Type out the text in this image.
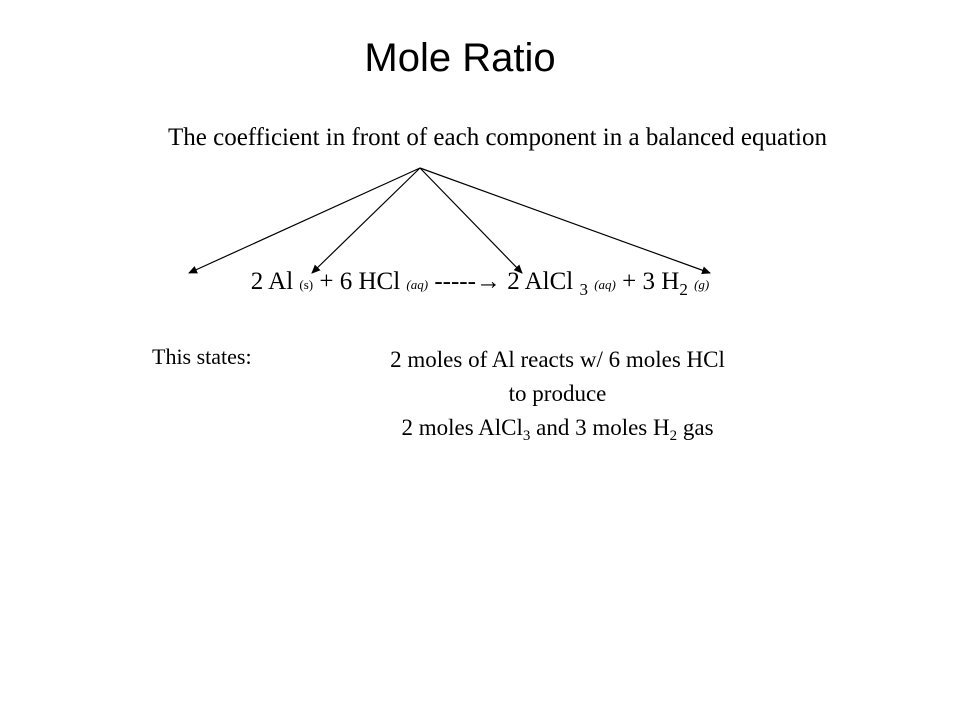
Mole Ratio
The coefficient in front of each component in a balanced equation
2 Al (s) + 6 HCl (aq) -----→ 2 AlCl $_3$ (aq) + 3 $H_2$ (g)
This states:	2 moles of Al reacts w/ 6 moles HCl
to produce
2 moles AlCl$_3$ and 3 moles $H_2$ gas
